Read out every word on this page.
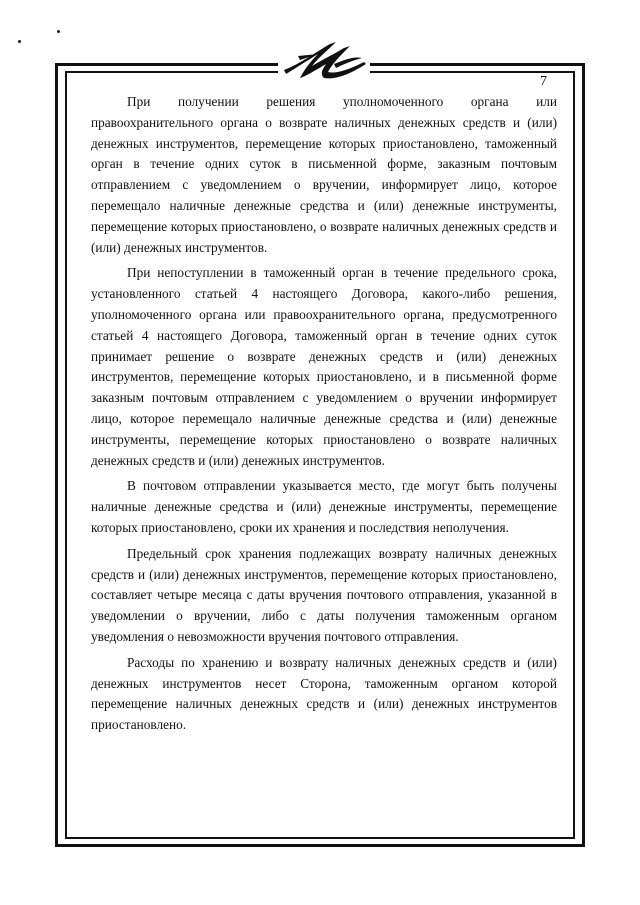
7

При получении решения уполномоченного органа или правоохранительного органа о возврате наличных денежных средств и (или) денежных инструментов, перемещение которых приостановлено, таможенный орган в течение одних суток в письменной форме, заказным почтовым отправлением с уведомлением о вручении, информирует лицо, которое перемещало наличные денежные средства и (или) денежные инструменты, перемещение которых приостановлено, о возврате наличных денежных средств и (или) денежных инструментов.

При непоступлении в таможенный орган в течение предельного срока, установленного статьей 4 настоящего Договора, какого-либо решения, уполномоченного органа или правоохранительного органа, предусмотренного статьей 4 настоящего Договора, таможенный орган в течение одних суток принимает решение о возврате денежных средств и (или) денежных инструментов, перемещение которых приостановлено, и в письменной форме заказным почтовым отправлением с уведомлением о вручении информирует лицо, которое перемещало наличные денежные средства и (или) денежные инструменты, перемещение которых приостановлено о возврате наличных денежных средств и (или) денежных инструментов.

В почтовом отправлении указывается место, где могут быть получены наличные денежные средства и (или) денежные инструменты, перемещение которых приостановлено, сроки их хранения и последствия неполучения.

Предельный срок хранения подлежащих возврату наличных денежных средств и (или) денежных инструментов, перемещение которых приостановлено, составляет четыре месяца с даты вручения почтового отправления, указанной в уведомлении о вручении, либо с даты получения таможенным органом уведомления о невозможности вручения почтового отправления.

Расходы по хранению и возврату наличных денежных средств и (или) денежных инструментов несет Сторона, таможенным органом которой перемещение наличных денежных средств и (или) денежных инструментов приостановлено.
